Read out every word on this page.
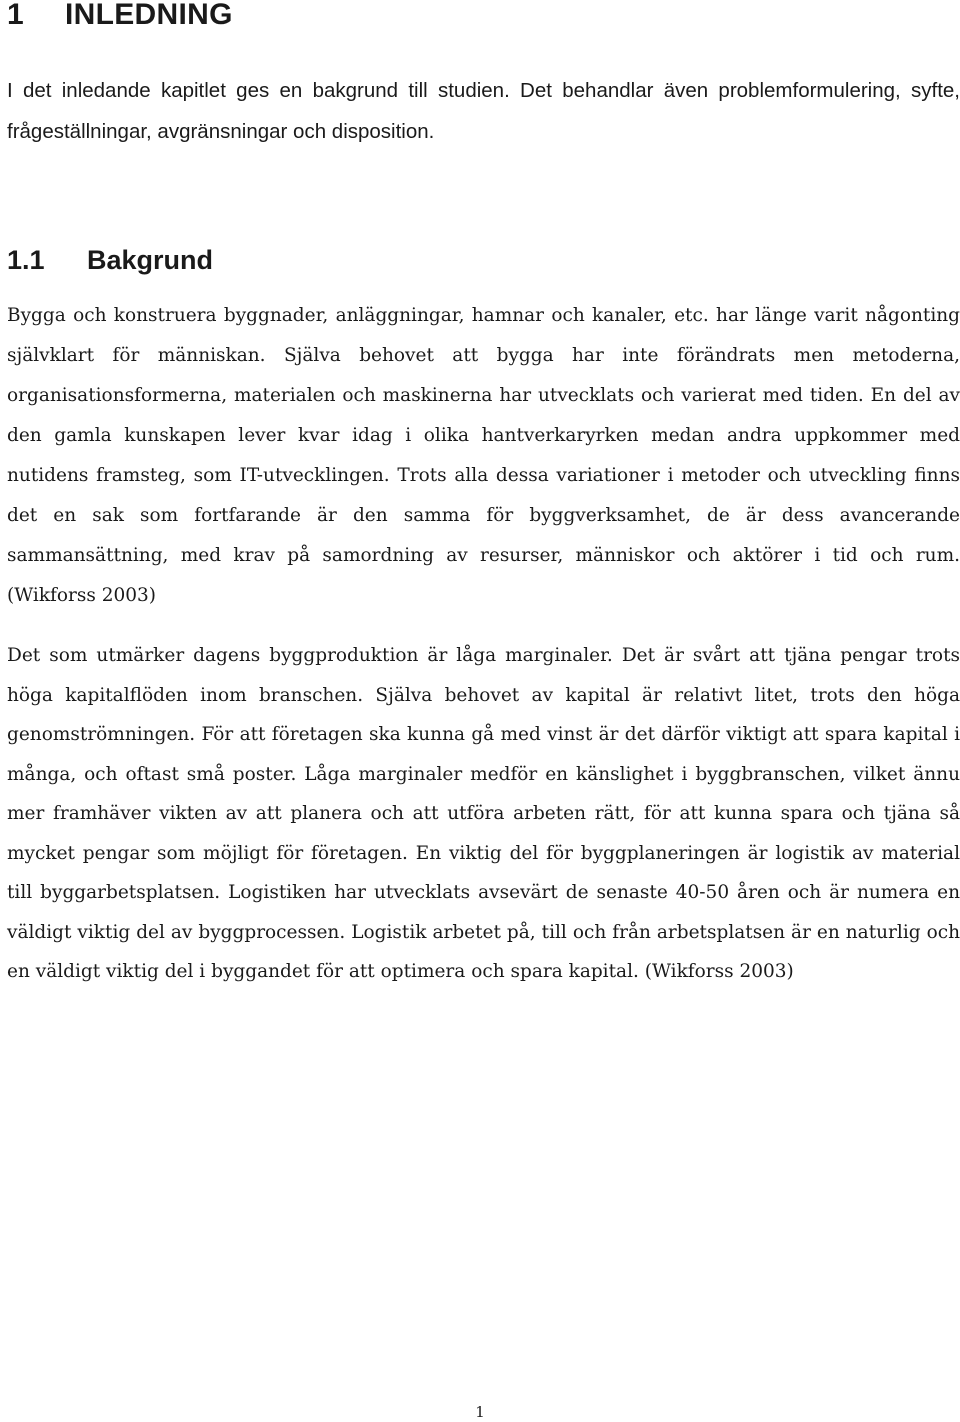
1 INLEDNING

I det inledande kapitlet ges en bakgrund till studien. Det behandlar även problemformulering, syfte, frågeställningar, avgränsningar och disposition.

1.1 Bakgrund

Bygga och konstruera byggnader, anläggningar, hamnar och kanaler, etc. har länge varit någonting självklart för människan. Själva behovet att bygga har inte förändrats men metoderna, organisationsformerna, materialen och maskinerna har utvecklats och varierat med tiden. En del av den gamla kunskapen lever kvar idag i olika hantverkaryrken medan andra uppkommer med nutidens framsteg, som IT-utvecklingen. Trots alla dessa variationer i metoder och utveckling finns det en sak som fortfarande är den samma för byggverksamhet, de är dess avancerande sammansättning, med krav på samordning av resurser, människor och aktörer i tid och rum. (Wikforss 2003)

Det som utmärker dagens byggproduktion är låga marginaler. Det är svårt att tjäna pengar trots höga kapitalflöden inom branschen. Själva behovet av kapital är relativt litet, trots den höga genomströmningen. För att företagen ska kunna gå med vinst är det därför viktigt att spara kapital i många, och oftast små poster. Låga marginaler medför en känslighet i byggbranschen, vilket ännu mer framhäver vikten av att planera och att utföra arbeten rätt, för att kunna spara och tjäna så mycket pengar som möjligt för företagen. En viktig del för byggplaneringen är logistik av material till byggarbetsplatsen. Logistiken har utvecklats avsevärt de senaste 40-50 åren och är numera en väldigt viktig del av byggprocessen. Logistik arbetet på, till och från arbetsplatsen är en naturlig och en väldigt viktig del i byggandet för att optimera och spara kapital. (Wikforss 2003)

1
